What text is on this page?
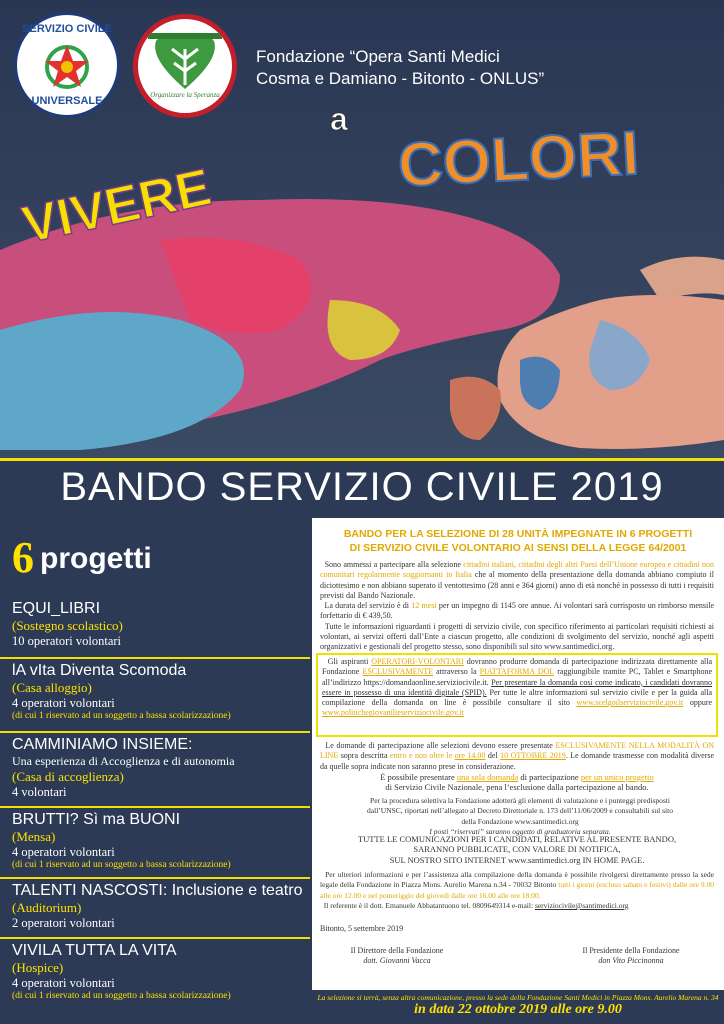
SERVIZIO CIVILE
UNIVERSALE	Organizzare la Speranza
Fondazione “Opera Santi Medici
Cosma e Damiano - Bitonto - ONLUS”
VIVERE
a COLORI
BANDO SERVIZIO CIVILE 2019
6 progetti
EQUI_LIBRI
(Sostegno scolastico)
10 operatori volontari
lA vIta Diventa Scomoda
(Casa alloggio)
4 operatori volontari
(di cui 1 riservato ad un soggetto a bassa scolarizzazione)
CAMMINIAMO INSIEME:
Una esperienza di Accoglienza e di autonomia
(Casa di accoglienza)
4 volontari
BRUTTI? Sì ma BUONI
(Mensa)
4 operatori volontari
(di cui 1 riservato ad un soggetto a bassa scolarizzazione)
TALENTI NASCOSTI: Inclusione e teatro
(Auditorium)
2 operatori volontari
VIVILA TUTTA LA VITA
(Hospice)
4 operatori volontari
(di cui 1 riservato ad un soggetto a bassa scolarizzazione)
BANDO PER LA SELEZIONE DI 28 UNITÀ IMPEGNATE IN 6 PROGETTI
DI SERVIZIO CIVILE VOLONTARIO AI SENSI DELLA LEGGE 64/2001
Sono ammessi a partecipare alla selezione cittadini italiani, cittadini degli altri Paesi dell’Unione europea e cittadini non comunitari regolarmente soggiornanti in Italia che al momento della presentazione della domanda abbiano compiuto il diciottesimo e non abbiano superato il ventottesimo (28 anni e 364 giorni) anno di età nonché in possesso di tutti i requisiti previsti dal Bando Nazionale.
La durata del servizio è di 12 mesi per un impegno di 1145 ore annue. Ai volontari sarà corrisposto un rimborso mensile forfettario di € 439,50.
Tutte le informazioni riguardanti i progetti di servizio civile, con specifico riferimento ai particolari requisiti richiesti ai volontari, ai servizi offerti dall’Ente a ciascun progetto, alle condizioni di svolgimento del servizio, nonché agli aspetti organizzativi e gestionali del progetto stesso, sono disponibili sul sito www.santimedici.org.
Gli aspiranti OPERATORI-VOLONTARI dovranno produrre domanda di partecipazione indirizzata direttamente alla Fondazione ESCLUSIVAMENTE attraverso la PIATTAFORMA DOL raggiungibile tramite PC, Tablet e Smartphone all’indirizzo https://domandaonline.serviziocivile.it. Per presentare la domanda così come indicato, i candidati dovranno essere in possesso di una identità digitale (SPID). Per tutte le altre informazioni sul servizio civile e per la guida alla compilazione della domanda on line è possibile consultare il sito www.scelgoilserviziocivile.gov.it oppure www.politichegiovanilieserviziocivile.gov.it
Le domande di partecipazione alle selezioni devono essere presentate ESCLUSIVAMENTE NELLA MODALITÀ ON LINE sopra descritta entro e non oltre le ore 14.00 del 10 OTTOBRE 2019. Le domande trasmesse con modalità diverse da quelle sopra indicate non saranno prese in considerazione.
È possibile presentare una sola domanda di partecipazione per un unico progetto
di Servizio Civile Nazionale, pena l’esclusione dalla partecipazione al bando.
Per la procedura selettiva la Fondazione adotterà gli elementi di valutazione e i punteggi predisposti dall’UNSC, riportati nell’allegato al Decreto Direttoriale n. 173 dell’11/06/2009 e consultabili sul sito della Fondazione www.santimedici.org
I posti “riservati” saranno oggetto di graduatoria separata.
TUTTE LE COMUNICAZIONI PER I CANDIDATI, RELATIVE AL PRESENTE BANDO,
SARANNO PUBBLICATE, CON VALORE DI NOTIFICA,
SUL NOSTRO SITO INTERNET www.santimedici.org IN HOME PAGE.
Per ulteriori informazioni e per l’assistenza alla compilazione della domanda è possibile rivolgersi direttamente presso la sede legale della Fondazione in Piazza Mons. Aurelio Marena n.34 - 70032 Bitonto tutti i giorni (escluso sabato e festivi) dalle ore 9.00 alle ore 12.00 e nel pomeriggio del giovedì dalle ore 16.00 alle ore 18.00.
Il referente è il dott. Emanuele Abbatantuono tel. 0809649314 e-mail: serviziocivile@santimedici.org
Bitonto, 5 settembre 2019
Il Direttore della Fondazione
dott. Giovanni Vacca
Il Presidente della Fondazione
don Vito Piccinonna
La selezione si terrà, senza altra comunicazione, presso la sede della Fondazione Santi Medici in Piazza Mons. Aurelio Marena n. 34
in data 22 ottobre 2019 alle ore 9.00
